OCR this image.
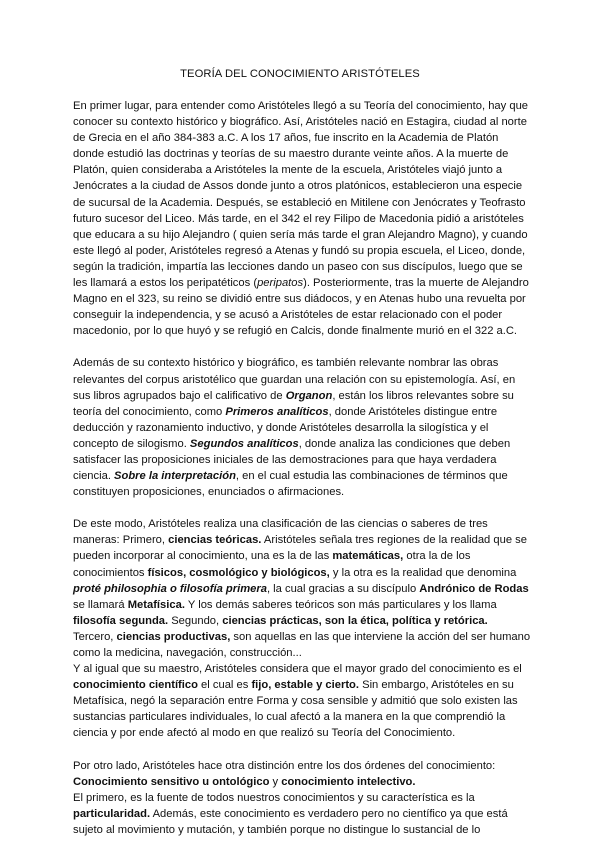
TEORÍA DEL CONOCIMIENTO ARISTÓTELES
En primer lugar, para entender como Aristóteles llegó a su Teoría del conocimiento, hay que
conocer su contexto histórico y biográfico. Así, Aristóteles nació en Estagira, ciudad al norte
de Grecia en el año 384-383 a.C. A los 17 años, fue inscrito en la Academia de Platón
donde estudió las doctrinas y teorías de su maestro durante veinte años. A la muerte de
Platón, quien consideraba a Aristóteles la mente de la escuela, Aristóteles viajó junto a
Jenócrates a la ciudad de Assos donde junto a otros platónicos, establecieron una especie
de sucursal de la Academia. Después, se estableció en Mitilene con Jenócrates y Teofrasto
futuro sucesor del Liceo. Más tarde, en el 342 el rey Filipo de Macedonia pidió a aristóteles
que educara a su hijo Alejandro ( quien sería más tarde el gran Alejandro Magno), y cuando
este llegó al poder, Aristóteles regresó a Atenas y fundó su propia escuela, el Liceo, donde,
según la tradición, impartía las lecciones dando un paseo con sus discípulos, luego que se
les llamará a estos los peripatéticos (peripatos). Posteriormente, tras la muerte de Alejandro
Magno en el 323, su reino se dividió entre sus diádocos, y en Atenas hubo una revuelta por
conseguir la independencia, y se acusó a Aristóteles de estar relacionado con el poder
macedonio, por lo que huyó y se refugió en Calcis, donde finalmente murió en el 322 a.C.
Además de su contexto histórico y biográfico, es también relevante nombrar las obras
relevantes del corpus aristotélico que guardan una relación con su epistemología. Así, en
sus libros agrupados bajo el calificativo de Organon, están los libros relevantes sobre su
teoría del conocimiento, como Primeros analíticos, donde Aristóteles distingue entre
deducción y razonamiento inductivo, y donde Aristóteles desarrolla la silogística y el
concepto de silogismo. Segundos analíticos, donde analiza las condiciones que deben
satisfacer las proposiciones iniciales de las demostraciones para que haya verdadera
ciencia. Sobre la interpretación, en el cual estudia las combinaciones de términos que
constituyen proposiciones, enunciados o afirmaciones.
De este modo, Aristóteles realiza una clasificación de las ciencias o saberes de tres
maneras: Primero, ciencias teóricas. Aristóteles señala tres regiones de la realidad que se
pueden incorporar al conocimiento, una es la de las matemáticas, otra la de los
conocimientos físicos, cosmológico y biológicos, y la otra es la realidad que denomina
proté philosophia o filosofía primera, la cual gracias a su discípulo Andrónico de Rodas
se llamará Metafísica. Y los demás saberes teóricos son más particulares y los llama
filosofía segunda. Segundo, ciencias prácticas, son la ética, política y retórica.
Tercero, ciencias productivas, son aquellas en las que interviene la acción del ser humano
como la medicina, navegación, construcción...
Y al igual que su maestro, Aristóteles considera que el mayor grado del conocimiento es el
conocimiento científico el cual es fijo, estable y cierto. Sin embargo, Aristóteles en su
Metafísica, negó la separación entre Forma y cosa sensible y admitió que solo existen las
sustancias particulares individuales, lo cual afectó a la manera en la que comprendió la
ciencia y por ende afectó al modo en que realizó su Teoría del Conocimiento.
Por otro lado, Aristóteles hace otra distinción entre los dos órdenes del conocimiento:
Conocimiento sensitivo u ontológico y conocimiento intelectivo.
El primero, es la fuente de todos nuestros conocimientos y su característica es la
particularidad. Además, este conocimiento es verdadero pero no científico ya que está
sujeto al movimiento y mutación, y también porque no distingue lo sustancial de lo
